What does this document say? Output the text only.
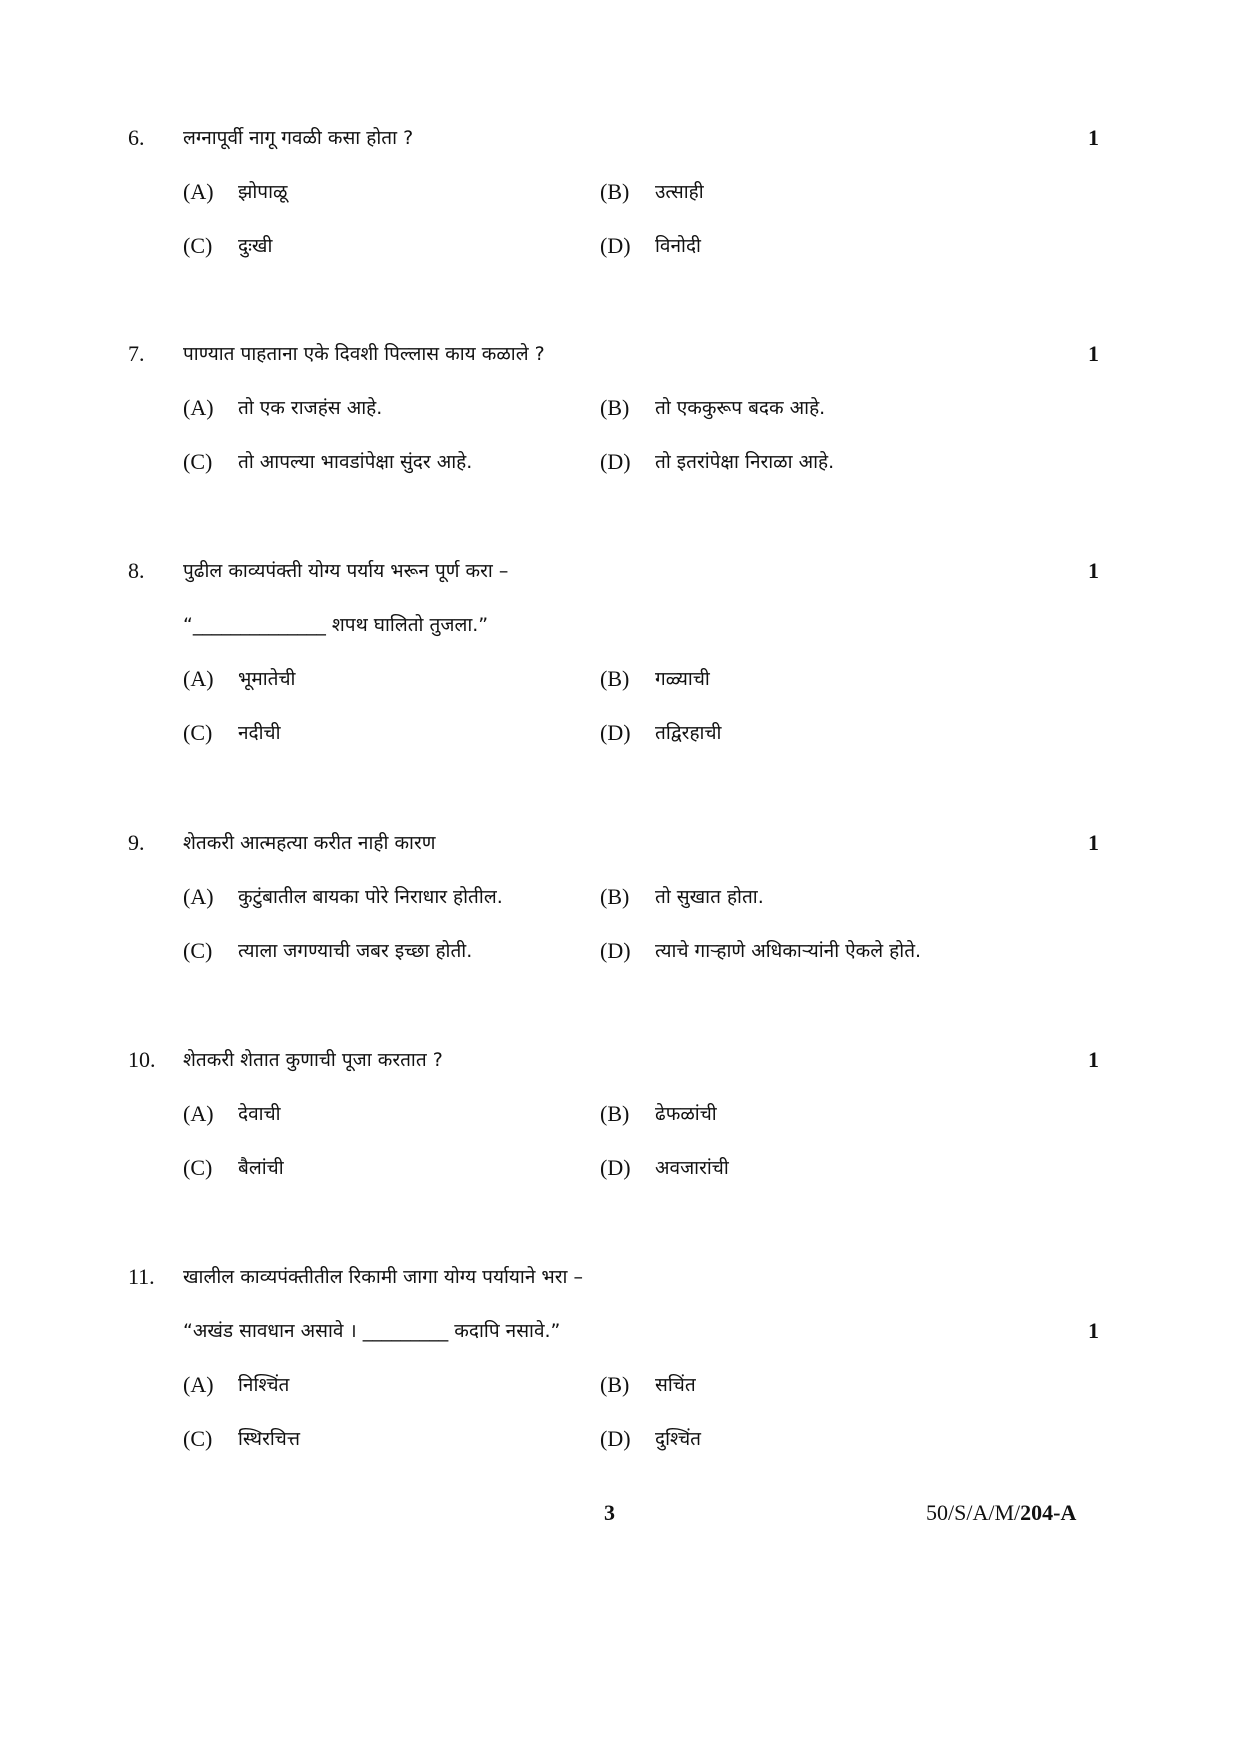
6. लग्नापूर्वी नागू गवळी कसा होता ?	1
(A) झोपाळू	(B) उत्साही
(C) दुःखी	(D) विनोदी
7. पाण्यात पाहताना एके दिवशी पिल्लास काय कळाले ?	1
(A) तो एक राजहंस आहे.	(B) तो एककुरूप बदक आहे.
(C) तो आपल्या भावडांपेक्षा सुंदर आहे.	(D) तो इतरांपेक्षा निराळा आहे.
8. पुढील काव्यपंक्ती योग्य पर्याय भरून पूर्ण करा –	1
“______________ शपथ घालितो तुजला.”
(A) भूमातेची	(B) गळ्याची
(C) नदीची	(D) तद्विरहाची
9. शेतकरी आत्महत्या करीत नाही कारण	1
(A) कुटुंबातील बायका पोरे निराधार होतील.	(B) तो सुखात होता.
(C) त्याला जगण्याची जबर इच्छा होती.	(D) त्याचे गाऱ्हाणे अधिकाऱ्यांनी ऐकले होते.
10. शेतकरी शेतात कुणाची पूजा करतात ?	1
(A) देवाची	(B) ढेफळांची
(C) बैलांची	(D) अवजारांची
11. खालील काव्यपंक्तीतील रिकामी जागा योग्य पर्यायाने भरा –
“अखंड सावधान असावे । _________ कदापि नसावे.”	1
(A) निश्चिंत	(B) सचिंत
(C) स्थिरचित्त	(D) दुश्चिंत
3	50/S/A/M/204-A
